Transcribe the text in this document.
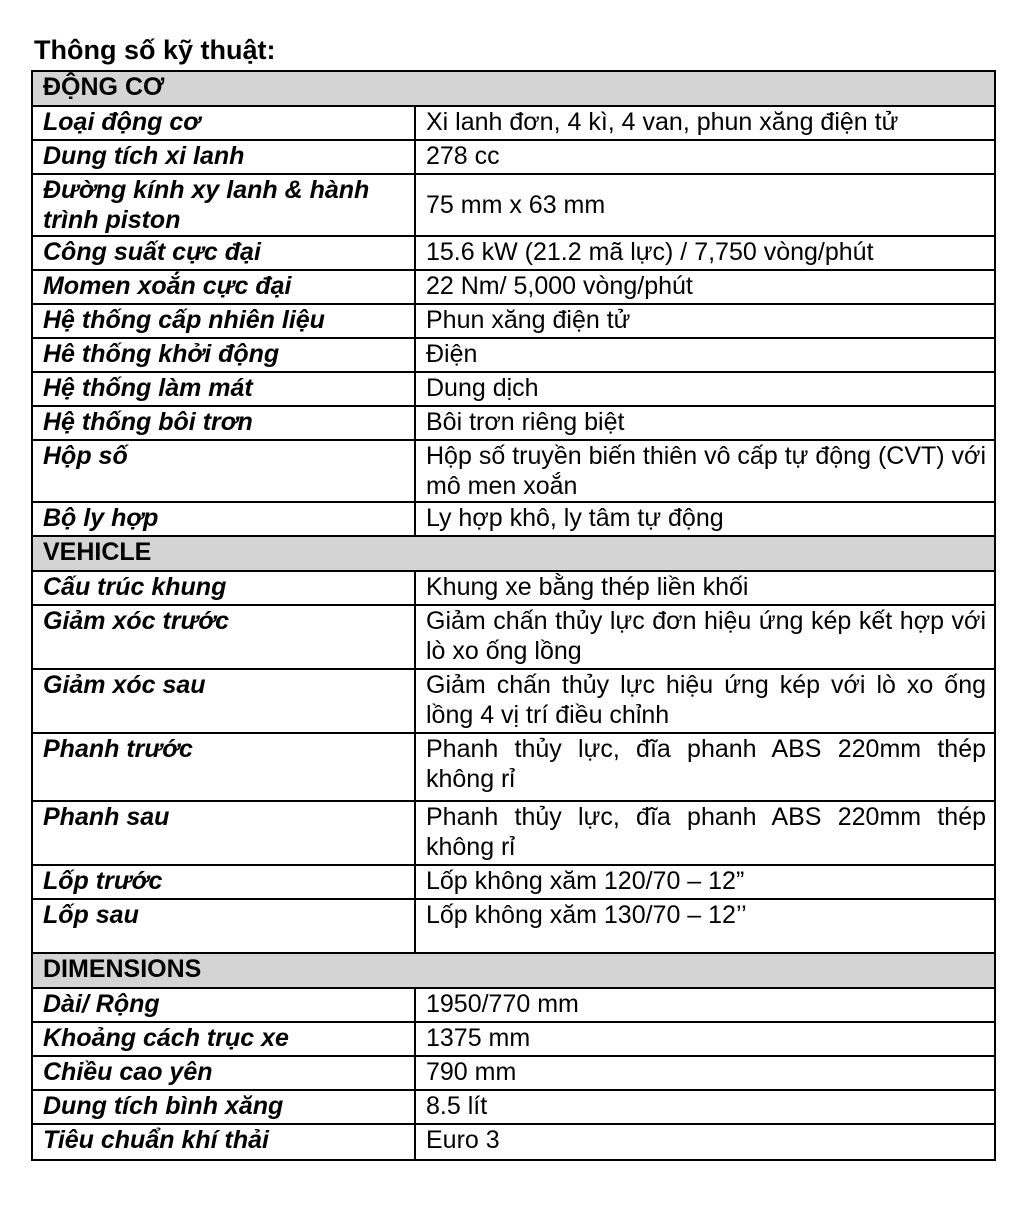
Thông số kỹ thuật:
ĐỘNG CƠ	
Loại động cơ	Xi lanh đơn, 4 kì, 4 van, phun xăng điện tử
Dung tích xi lanh	278 cc
Đường kính xy lanh & hành trình piston	75 mm x 63 mm
Công suất cực đại	15.6 kW (21.2 mã lực) / 7,750 vòng/phút
Momen xoắn cực đại	22 Nm/ 5,000 vòng/phút
Hệ thống cấp nhiên liệu	Phun xăng điện tử
Hê thống khởi động	Điện
Hệ thống làm mát	Dung dịch
Hệ thống bôi trơn	Bôi trơn riêng biệt
Hộp số	Hộp số truyền biến thiên vô cấp tự động (CVT) với mô men xoắn
Bộ ly hợp	Ly hợp khô, ly tâm tự động
VEHICLE	
Cấu trúc khung	Khung xe bằng thép liền khối
Giảm xóc trước	Giảm chấn thủy lực đơn hiệu ứng kép kết hợp với lò xo ống lồng
Giảm xóc sau	Giảm chấn thủy lực hiệu ứng kép với lò xo ống lồng 4 vị trí điều chỉnh
Phanh trước	Phanh thủy lực, đĩa phanh ABS 220mm thép không rỉ
Phanh sau	Phanh thủy lực, đĩa phanh ABS 220mm thép không rỉ
Lốp trước	Lốp không xăm 120/70 – 12”
Lốp sau	Lốp không xăm 130/70 – 12’’
DIMENSIONS	
Dài/ Rộng	1950/770 mm
Khoảng cách trục xe	1375 mm
Chiều cao yên	790 mm
Dung tích bình xăng	8.5 lít
Tiêu chuẩn khí thải	Euro 3
